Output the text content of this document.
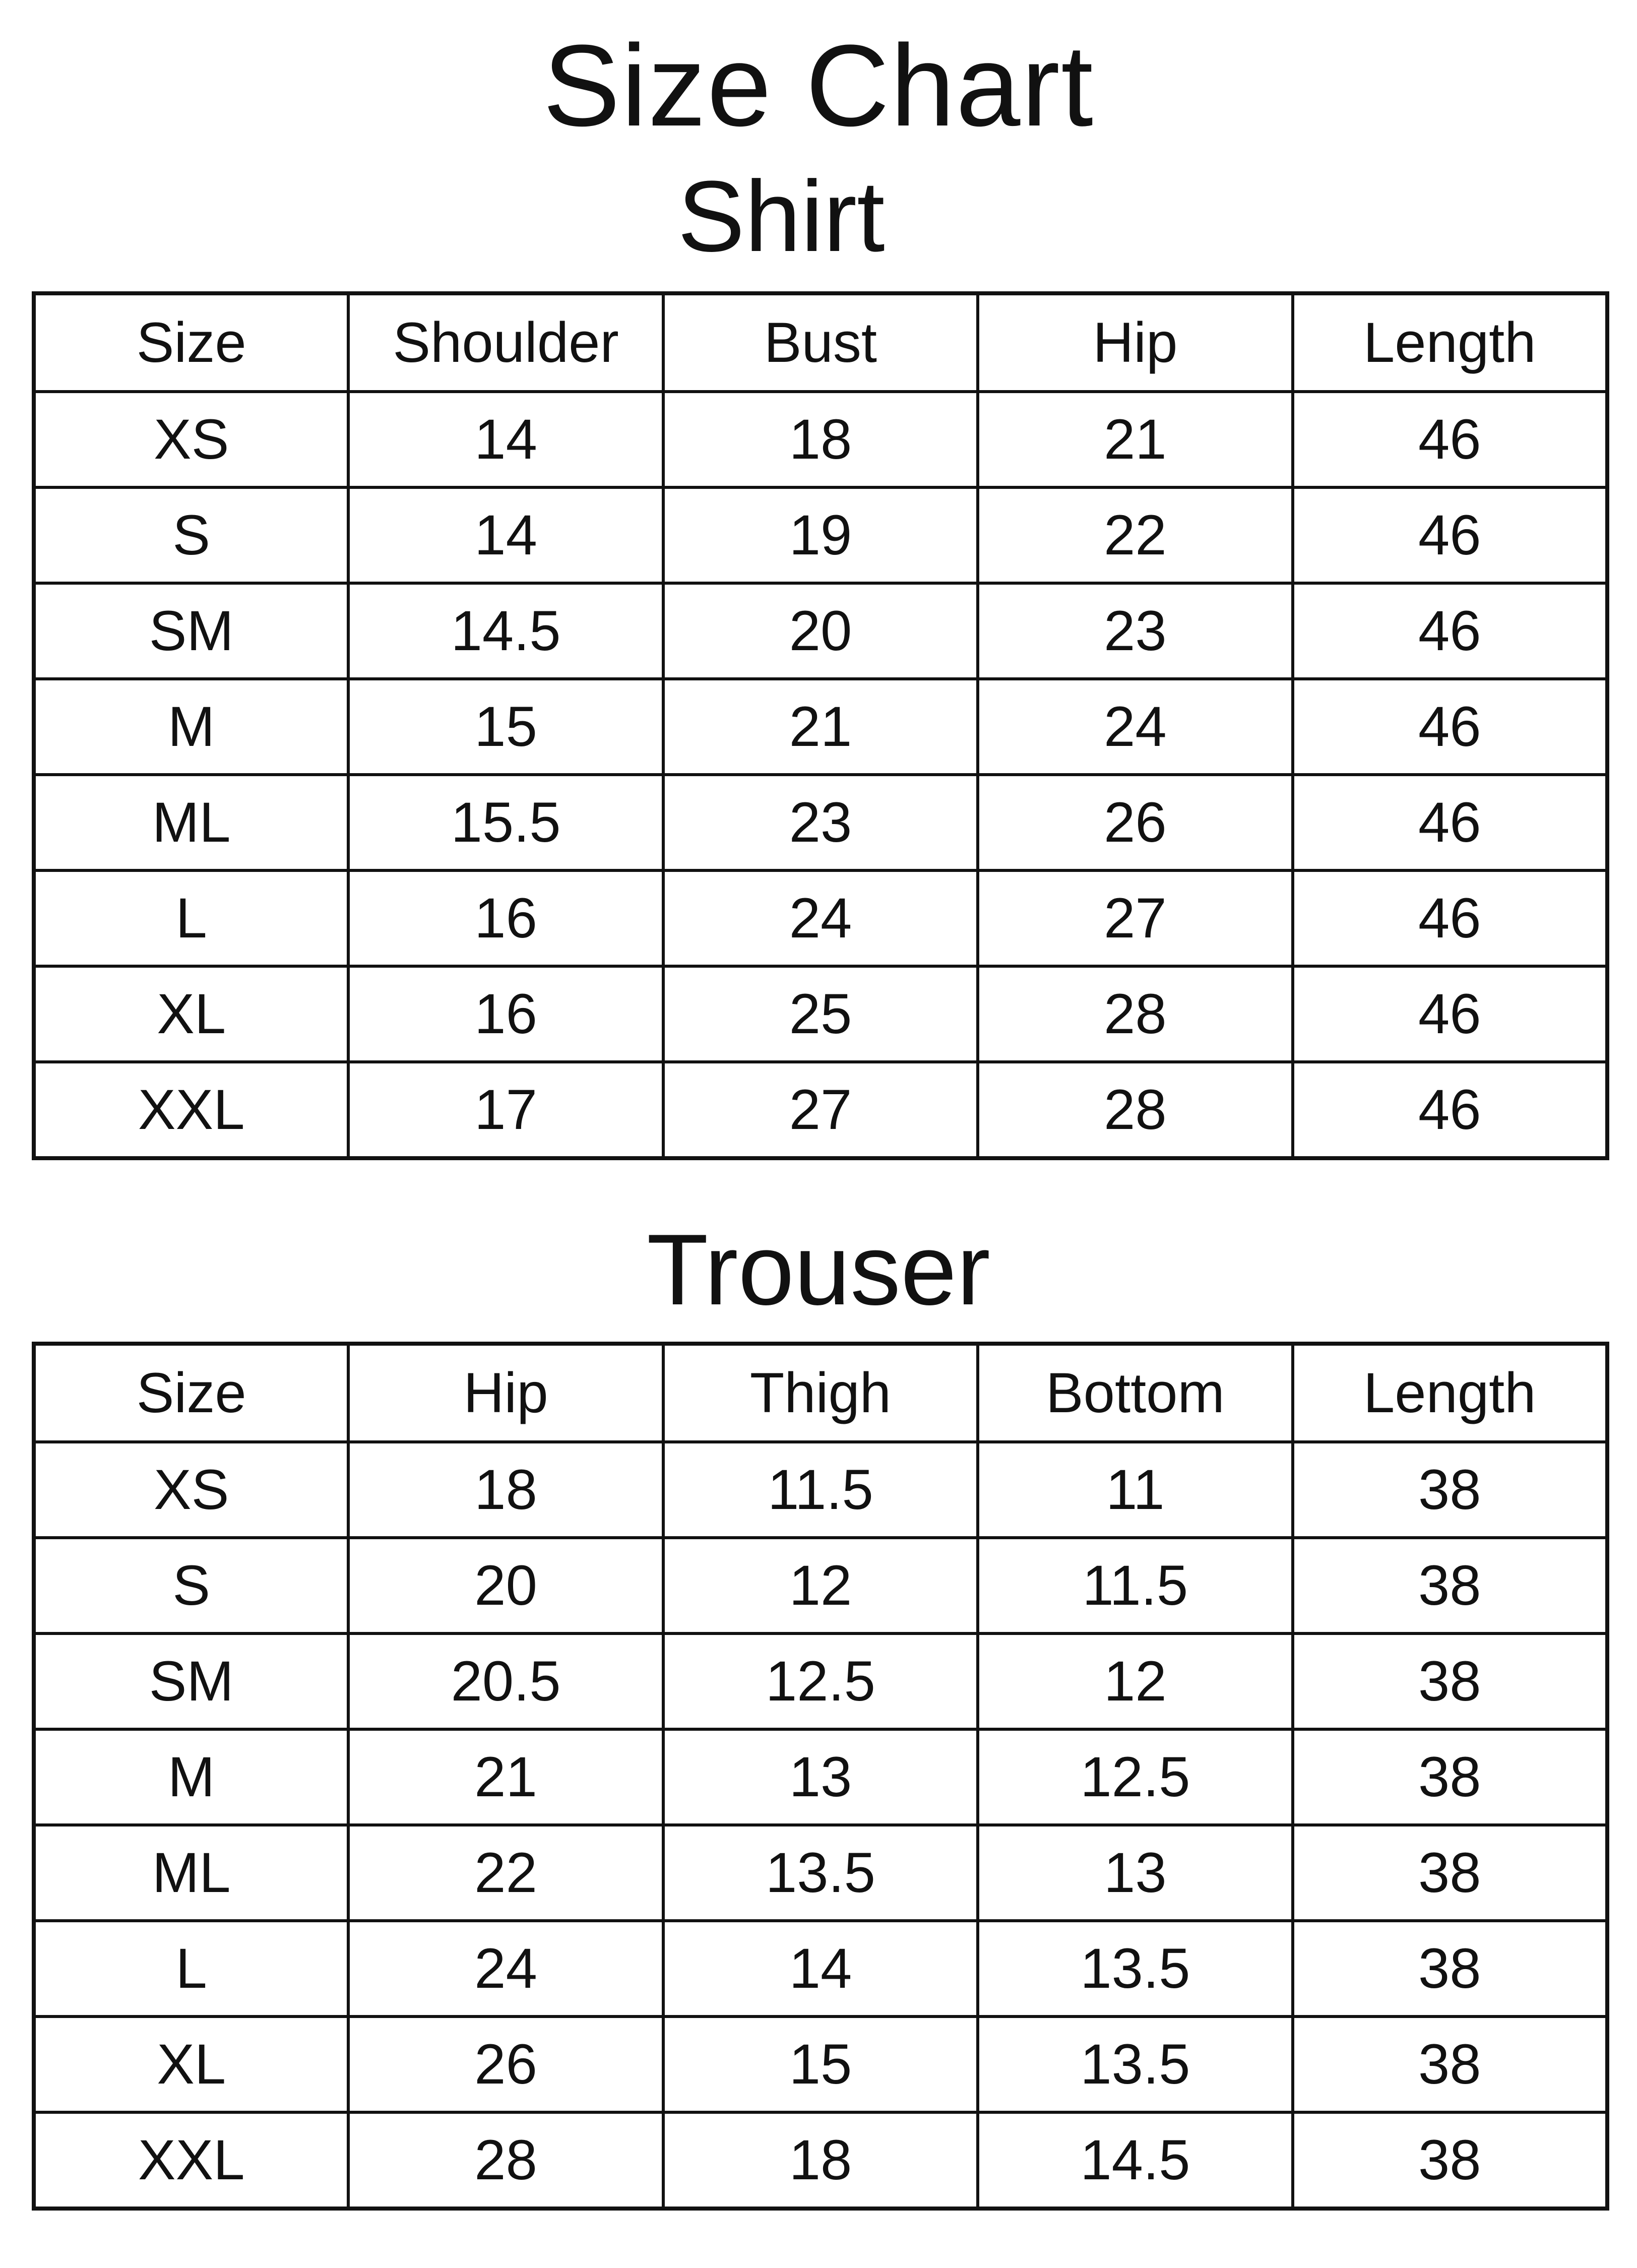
Size Chart
Shirt
Size	Shoulder	Bust	Hip	Length
XS	14	18	21	46
S	14	19	22	46
SM	14.5	20	23	46
M	15	21	24	46
ML	15.5	23	26	46
L	16	24	27	46
XL	16	25	28	46
XXL	17	27	28	46
Trouser
Size	Hip	Thigh	Bottom	Length
XS	18	11.5	11	38
S	20	12	11.5	38
SM	20.5	12.5	12	38
M	21	13	12.5	38
ML	22	13.5	13	38
L	24	14	13.5	38
XL	26	15	13.5	38
XXL	28	18	14.5	38
